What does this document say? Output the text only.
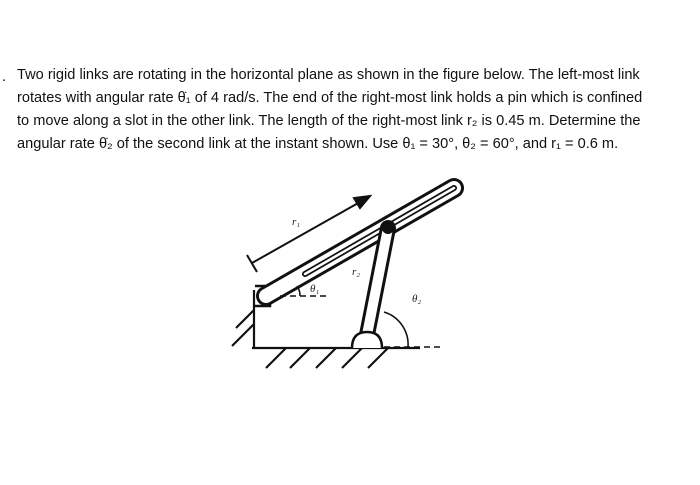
. Two rigid links are rotating in the horizontal plane as shown in the figure below. The left-most link
rotates with angular rate θ̇₁ of 4 rad/s. The end of the right-most link holds a pin which is confined
to move along a slot in the other link. The length of the right-most link r₂ is 0.45 m. Determine the
angular rate θ̇₂ of the second link at the instant shown. Use θ₁ = 30°, θ₂ = 60°, and r₁ = 0.6 m.
r₁
r₂
θ₁
θ₂
